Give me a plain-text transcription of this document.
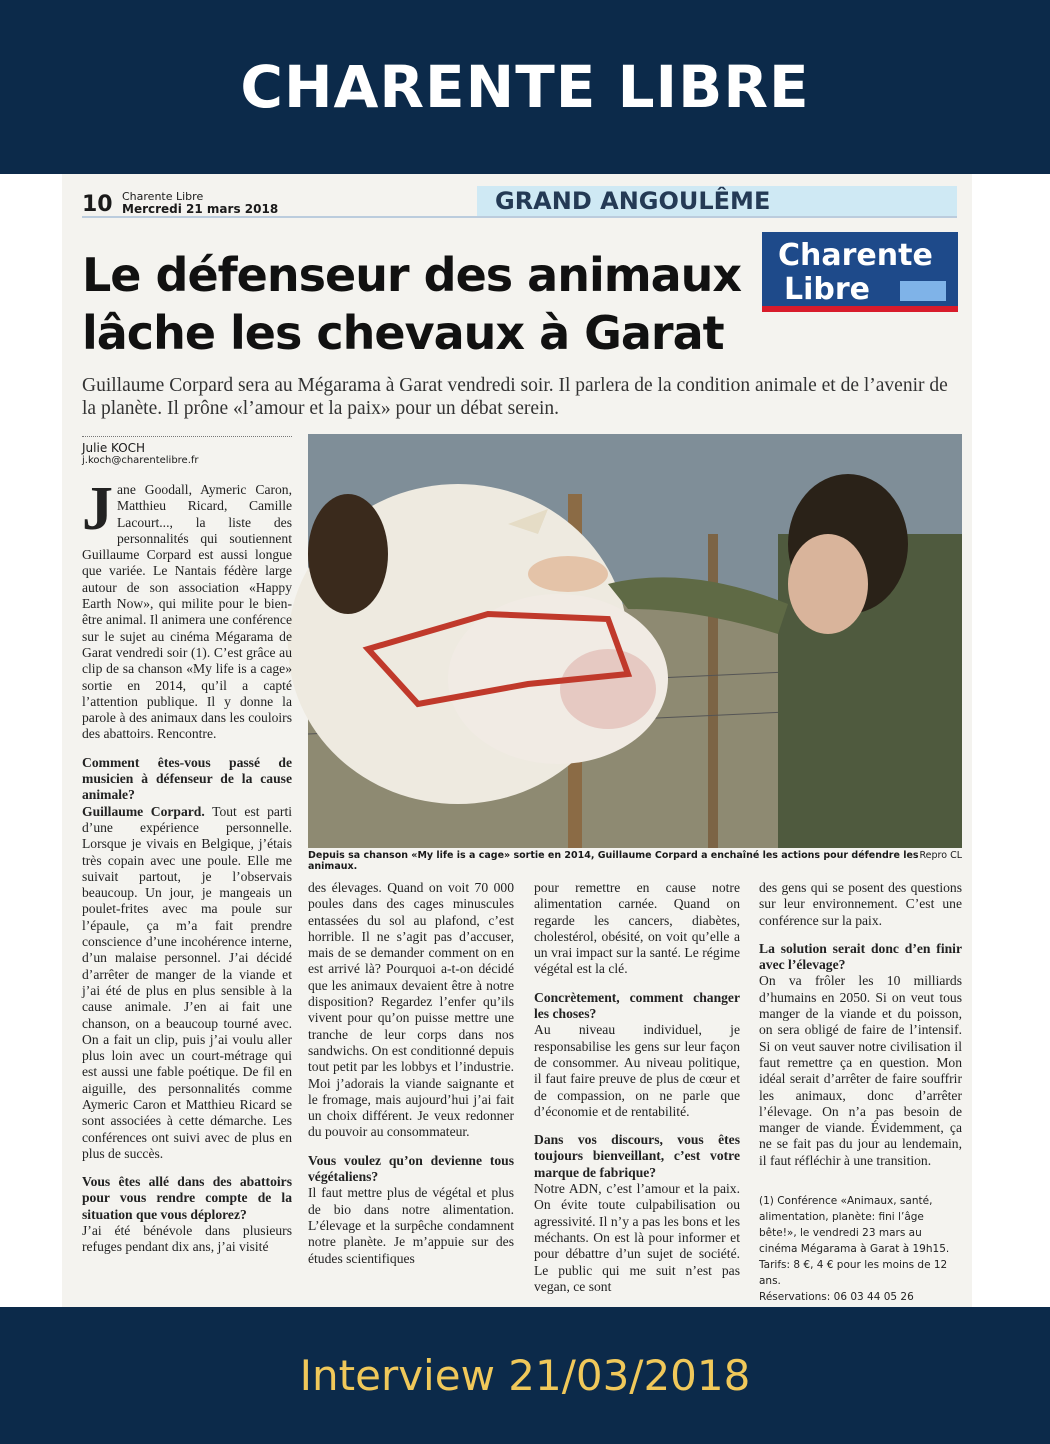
CHARENTE LIBRE
10 Charente Libre
Mercredi 21 mars 2018	GRAND ANGOULÊME
Charente
Libre
Le défenseur des animaux
lâche les chevaux à Garat
Guillaume Corpard sera au Mégarama à Garat vendredi soir. Il parlera de la condition animale et de l’avenir de la planète. Il prône «l’amour et la paix» pour un débat serein.
Julie KOCH
j.koch@charentelibre.fr
Depuis sa chanson «My life is a cage» sortie en 2014, Guillaume Corpard a enchaîné les actions pour défendre les animaux.
Repro CL

Jane Goodall, Aymeric Caron, Matthieu Ricard, Camille Lacourt..., la liste des personnalités qui soutiennent Guillaume Corpard est aussi longue que variée. Le Nantais fédère large autour de son association «Happy Earth Now», qui milite pour le bien-être animal. Il animera une conférence sur le sujet au cinéma Mégarama de Garat vendredi soir (1). C’est grâce au clip de sa chanson «My life is a cage» sortie en 2014, qu’il a capté l’attention publique. Il y donne la parole à des animaux dans les couloirs des abattoirs. Rencontre.

Comment êtes-vous passé de musicien à défenseur de la cause animale?

Guillaume Corpard. Tout est parti d’une expérience personnelle. Lorsque je vivais en Belgique, j’étais très copain avec une poule. Elle me suivait partout, je l’observais beaucoup. Un jour, je mangeais un poulet-frites avec ma poule sur l’épaule, ça m’a fait prendre conscience d’une incohérence interne, d’un malaise personnel. J’ai décidé d’arrêter de manger de la viande et j’ai été de plus en plus sensible à la cause animale. J’en ai fait une chanson, on a beaucoup tourné avec. On a fait un clip, puis j’ai voulu aller plus loin avec un court-métrage qui est aussi une fable poétique. De fil en aiguille, des personnalités comme Aymeric Caron et Matthieu Ricard se sont associées à cette démarche. Les conférences ont suivi avec de plus en plus de succès.

Vous êtes allé dans des abattoirs pour vous rendre compte de la situation que vous déplorez?

J’ai été bénévole dans plusieurs refuges pendant dix ans, j’ai visité

des élevages. Quand on voit 70 000 poules dans des cages minuscules entassées du sol au plafond, c’est horrible. Il ne s’agit pas d’accuser, mais de se demander comment on en est arrivé là? Pourquoi a-t-on décidé que les animaux devaient être à notre disposition? Regardez l’enfer qu’ils vivent pour qu’on puisse mettre une tranche de leur corps dans nos sandwichs. On est conditionné depuis tout petit par les lobbys et l’industrie. Moi j’adorais la viande saignante et le fromage, mais aujourd’hui j’ai fait un choix différent. Je veux redonner du pouvoir au consommateur.

Vous voulez qu’on devienne tous végétaliens?

Il faut mettre plus de végétal et plus de bio dans notre alimentation. L’élevage et la surpêche condamnent notre planète. Je m’appuie sur des études scientifiques

pour remettre en cause notre alimentation carnée. Quand on regarde les cancers, diabètes, cholestérol, obésité, on voit qu’elle a un vrai impact sur la santé. Le régime végétal est la clé.

Concrètement, comment changer les choses?

Au niveau individuel, je responsabilise les gens sur leur façon de consommer. Au niveau politique, il faut faire preuve de plus de cœur et de compassion, on ne parle que d’économie et de rentabilité.

Dans vos discours, vous êtes toujours bienveillant, c’est votre marque de fabrique?

Notre ADN, c’est l’amour et la paix. On évite toute culpabilisation ou agressivité. Il n’y a pas les bons et les méchants. On est là pour informer et pour débattre d’un sujet de société. Le public qui me suit n’est pas vegan, ce sont

des gens qui se posent des questions sur leur environnement. C’est une conférence sur la paix.

La solution serait donc d’en finir avec l’élevage?

On va frôler les 10 milliards d’humains en 2050. Si on veut tous manger de la viande et du poisson, on sera obligé de faire de l’intensif. Si on veut sauver notre civilisation il faut remettre ça en question. Mon idéal serait d’arrêter de faire souffrir les animaux, donc d’arrêter l’élevage. On n’a pas besoin de manger de viande. Évidemment, ça ne se fait pas du jour au lendemain, il faut réfléchir à une transition.

(1) Conférence «Animaux, santé, alimentation, planète: fini l’âge bête!», le vendredi 23 mars au cinéma Mégarama à Garat à 19h15.
Tarifs: 8 €, 4 € pour les moins de 12 ans.
Réservations: 06 03 44 05 26
Interview 21/03/2018
